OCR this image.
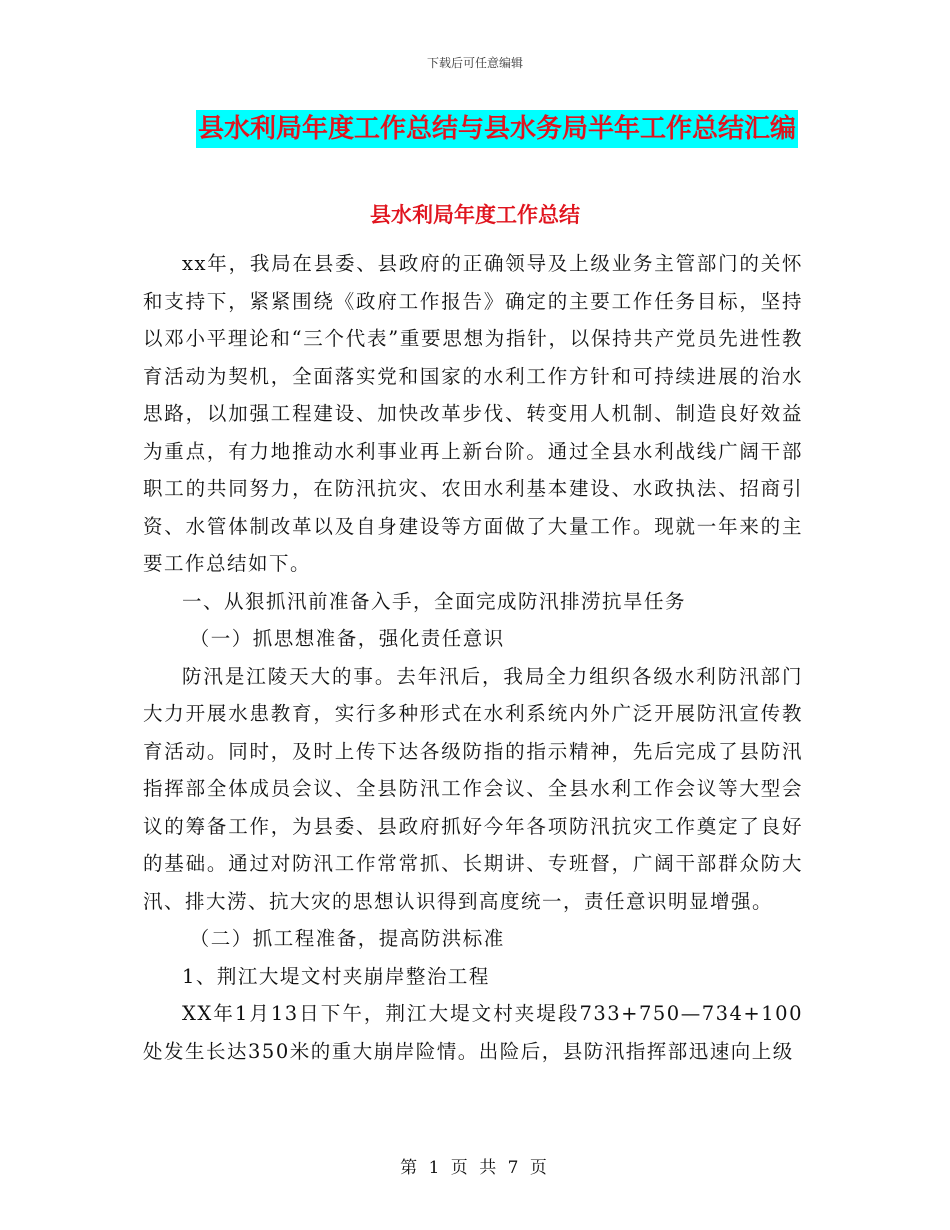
下载后可任意编辑
县水利局年度工作总结与县水务局半年工作总结汇编
县水利局年度工作总结

xx年，我局在县委、县政府的正确领导及上级业务主管部门的关怀和支持下，紧紧围绕《政府工作报告》确定的主要工作任务目标，坚持以邓小平理论和“三个代表”重要思想为指针，以保持共产党员先进性教育活动为契机，全面落实党和国家的水利工作方针和可持续进展的治水思路，以加强工程建设、加快改革步伐、转变用人机制、制造良好效益为重点，有力地推动水利事业再上新台阶。通过全县水利战线广阔干部职工的共同努力，在防汛抗灾、农田水利基本建设、水政执法、招商引资、水管体制改革以及自身建设等方面做了大量工作。现就一年来的主要工作总结如下。

一、从狠抓汛前准备入手，全面完成防汛排涝抗旱任务

（一）抓思想准备，强化责任意识

防汛是江陵天大的事。去年汛后，我局全力组织各级水利防汛部门大力开展水患教育，实行多种形式在水利系统内外广泛开展防汛宣传教育活动。同时，及时上传下达各级防指的指示精神，先后完成了县防汛指挥部全体成员会议、全县防汛工作会议、全县水利工作会议等大型会议的筹备工作，为县委、县政府抓好今年各项防汛抗灾工作奠定了良好的基础。通过对防汛工作常常抓、长期讲、专班督，广阔干部群众防大汛、排大涝、抗大灾的思想认识得到高度统一，责任意识明显增强。

（二）抓工程准备，提高防洪标准

1、荆江大堤文村夹崩岸整治工程

XX年1月13日下午，荆江大堤文村夹堤段733+750—734+100处发生长达350米的重大崩岸险情。出险后，县防汛指挥部迅速向上级

第 1 页 共 7 页
